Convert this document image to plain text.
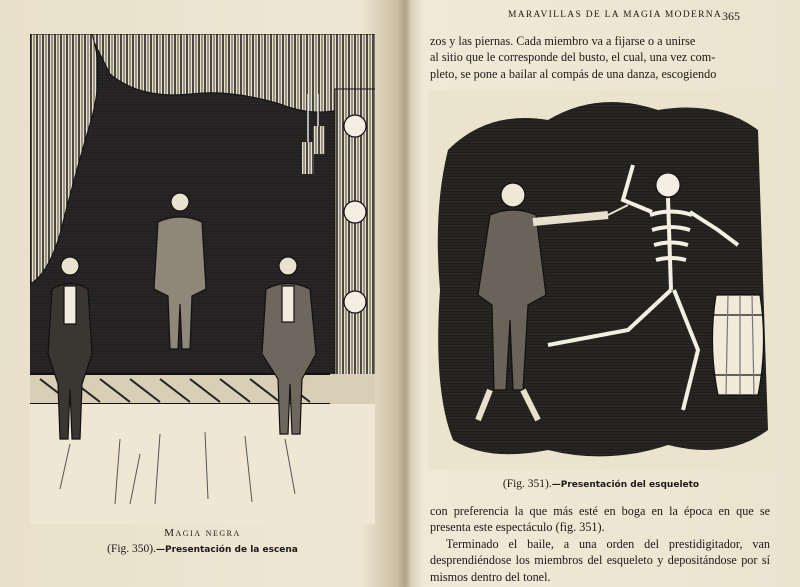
Magia negra
(Fig. 350).—Presentación de la escena
MARAVILLAS DE LA MAGIA MODERNA 365

zos y las piernas. Cada miembro va a fijarse o a unirse

al sitio que le corresponde del busto, el cual, una vez com-

pleto, se pone a bailar al compás de una danza, escogiendo

(Fig. 351).—Presentación del esqueleto

con preferencia la que más esté en boga en la época en que se presenta este espectáculo (fig. 351).

Terminado el baile, a una orden del prestidigitador, van desprendiéndose los miembros del esqueleto y depositándose por sí mismos dentro del tonel.
